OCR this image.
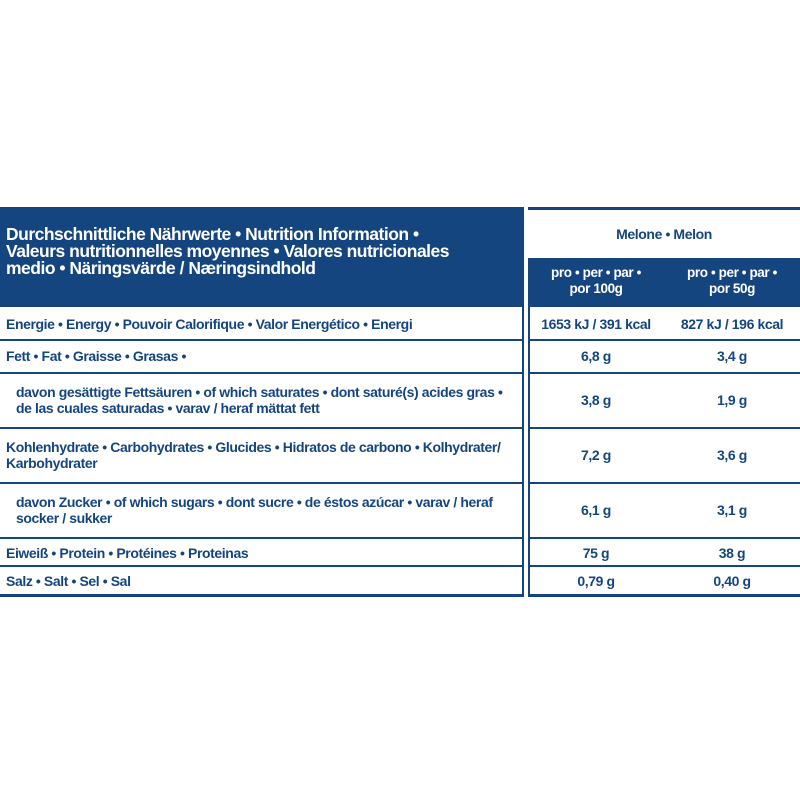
Durchschnittliche Nährwerte • Nutrition Information •
Valeurs nutritionnelles moyennes • Valores nutricionales
medio • Näringsvärde / Næringsindhold
Melone • Melon
pro • per • par •
por 100g
pro • per • par •
por 50g
Energie • Energy • Pouvoir Calorifique • Valor Energético • Energi	1653 kJ / 391 kcal	827 kJ / 196 kcal
Fett • Fat • Graisse • Grasas •	6,8 g	3,4 g
davon gesättigte Fettsäuren • of which saturates • dont saturé(s) acides gras •
de las cuales saturadas • varav / heraf mättat fett	3,8 g	1,9 g
Kohlenhydrate • Carbohydrates • Glucides • Hidratos de carbono • Kolhydrater/
Karbohydrater	7,2 g	3,6 g
davon Zucker • of which sugars • dont sucre • de éstos azúcar • varav / heraf
socker / sukker	6,1 g	3,1 g
Eiweiß • Protein • Protéines • Proteinas	75 g	38 g
Salz • Salt • Sel • Sal	0,79 g	0,40 g
